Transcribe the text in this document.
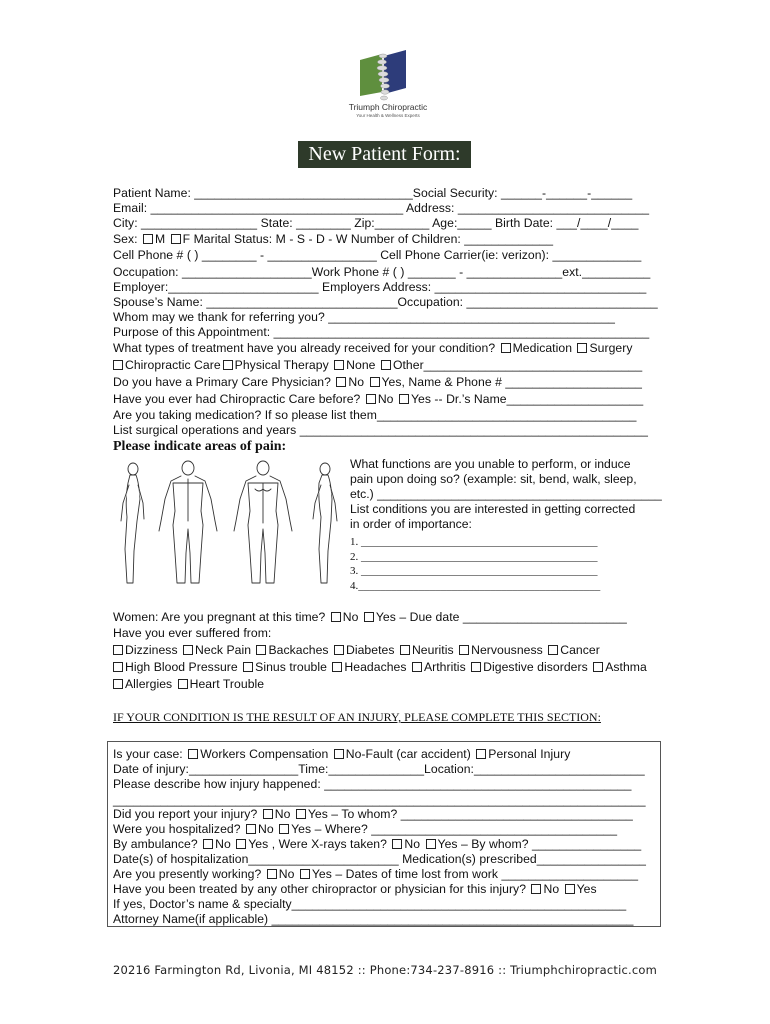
Triumph Chiropractic
Your Health & Wellness Experts
New Patient Form:
Patient Name: ________________________________Social Security: ______-______-______
Email: _____________________________________ Address: ____________________________
City: _________________ State: ________ Zip:________ Age:_____ Birth Date: ___/____/____
Sex: M F Marital Status: M - S - D - W Number of Children: _____________
Cell Phone # ( ) ________ - ________________ Cell Phone Carrier(ie: verizon): _____________
Occupation: ___________________Work Phone # ( ) _______ - ______________ext.__________
Employer:______________________ Employers Address: _______________________________
Spouse’s Name: ____________________________Occupation: ____________________________
Whom may we thank for referring you? __________________________________________
Purpose of this Appointment: _______________________________________________________
What types of treatment have you already received for your condition? Medication Surgery
Chiropractic Care Physical Therapy None Other________________________________
Do you have a Primary Care Physician? No Yes, Name & Phone # ____________________
Have you ever had Chiropractic Care before? No Yes -- Dr.’s Name____________________
Are you taking medication? If so please list them______________________________________
List surgical operations and years ___________________________________________________
Please indicate areas of pain:
What functions are you unable to perform, or induce
pain upon doing so? (example: sit, bend, walk, sleep,
etc.) __________________________________________
List conditions you are interested in getting corrected
in order of importance:
1. ___________________________________________
2. ___________________________________________
3. ___________________________________________
4.____________________________________________
Women: Are you pregnant at this time? No Yes – Due date ________________________
Have you ever suffered from:
Dizziness Neck Pain Backaches Diabetes Neuritis Nervousness Cancer
High Blood Pressure Sinus trouble Headaches Arthritis Digestive disorders Asthma
Allergies Heart Trouble
IF YOUR CONDITION IS THE RESULT OF AN INJURY, PLEASE COMPLETE THIS SECTION:
Is your case: Workers Compensation No-Fault (car accident) Personal Injury
Date of injury:________________Time:______________Location:_________________________
Please describe how injury happened: _____________________________________________
______________________________________________________________________________
Did you report your injury? No Yes – To whom? __________________________________
Were you hospitalized? No Yes – Where? ____________________________________
By ambulance? No Yes , Were X-rays taken? No Yes – By whom? ________________
Date(s) of hospitalization______________________ Medication(s) prescribed________________
Are you presently working? No Yes – Dates of time lost from work ____________________
Have you been treated by any other chiropractor or physician for this injury? No Yes
If yes, Doctor’s name & specialty_________________________________________________
Attorney Name(if applicable) _____________________________________________________
20216 Farmington Rd, Livonia, MI 48152 :: Phone:734-237-8916 :: Triumphchiropractic.com
